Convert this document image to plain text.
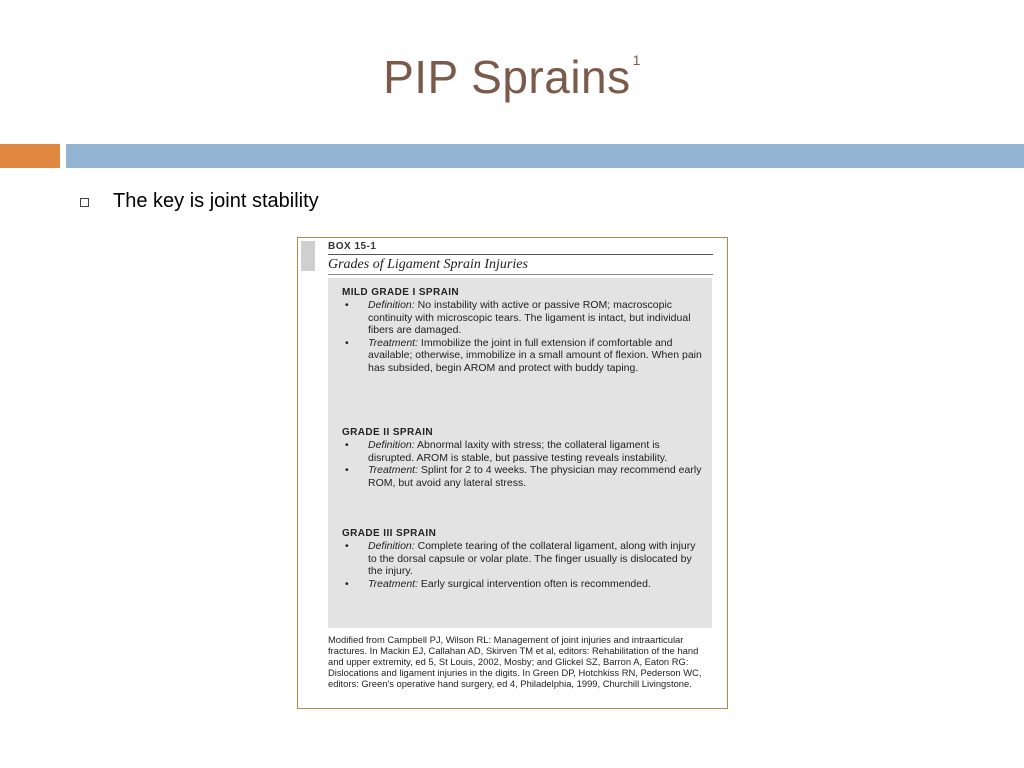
PIP Sprains $^1$
The key is joint stability
BOX 15-1
Grades of Ligament Sprain Injuries
MILD GRADE I SPRAIN
• Definition: No instability with active or passive ROM; macroscopic continuity with microscopic tears. The ligament is intact, but individual fibers are damaged.
• Treatment: Immobilize the joint in full extension if comfortable and available; otherwise, immobilize in a small amount of flexion. When pain has subsided, begin AROM and protect with buddy taping.
GRADE II SPRAIN
• Definition: Abnormal laxity with stress; the collateral ligament is disrupted. AROM is stable, but passive testing reveals instability.
• Treatment: Splint for 2 to 4 weeks. The physician may recommend early ROM, but avoid any lateral stress.
GRADE III SPRAIN
• Definition: Complete tearing of the collateral ligament, along with injury to the dorsal capsule or volar plate. The finger usually is dislocated by the injury.
• Treatment: Early surgical intervention often is recommended.
Modified from Campbell PJ, Wilson RL: Management of joint injuries and intraarticular fractures. In Mackin EJ, Callahan AD, Skirven TM et al, editors: Rehabilitation of the hand and upper extremity, ed 5, St Louis, 2002, Mosby; and Glickel SZ, Barron A, Eaton RG: Dislocations and ligament injuries in the digits. In Green DP, Hotchkiss RN, Pederson WC, editors: Green's operative hand surgery, ed 4, Philadelphia, 1999, Churchill Livingstone.
